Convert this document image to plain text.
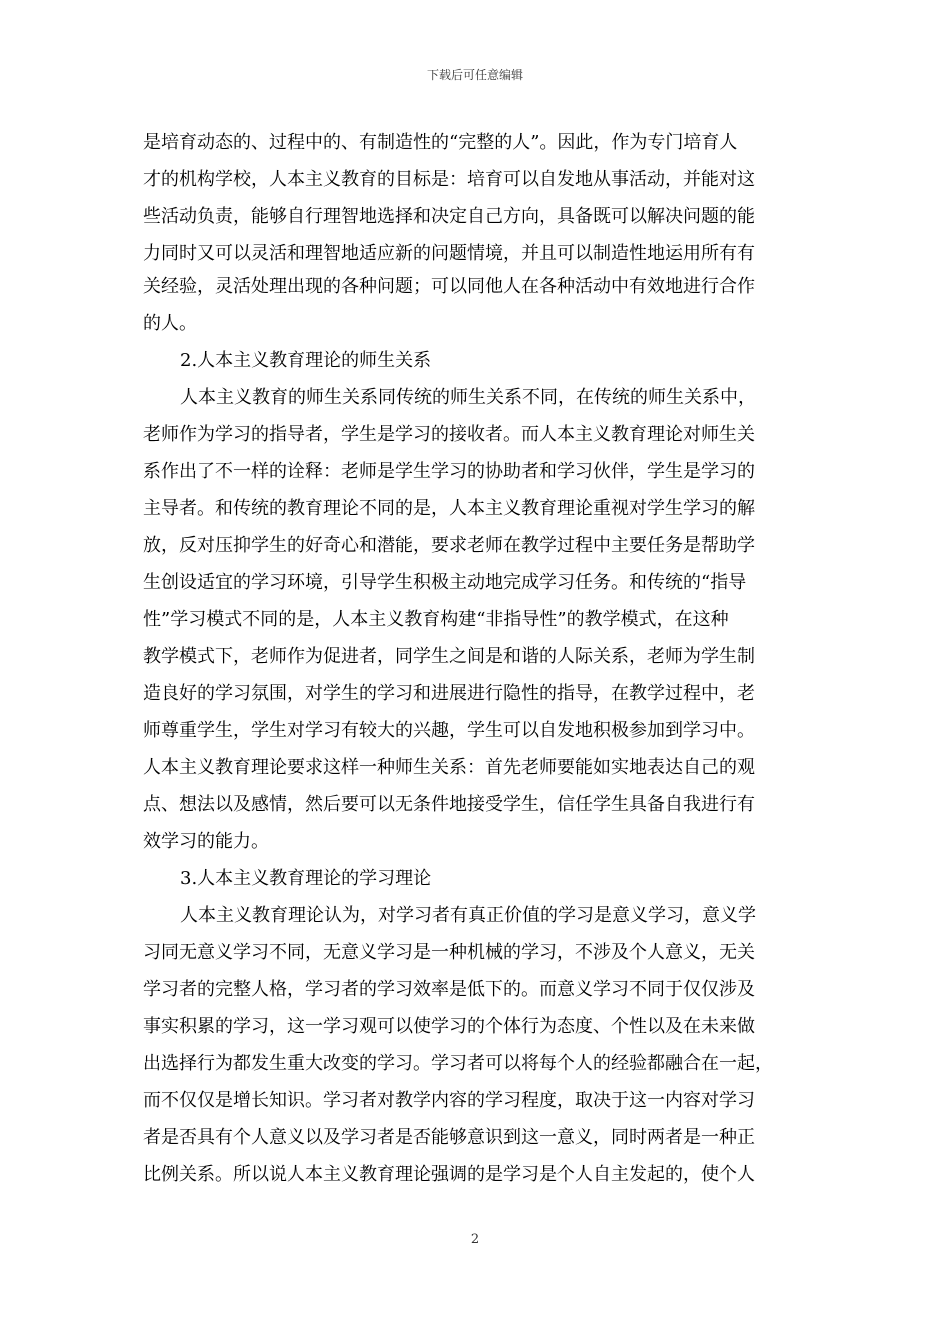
下载后可任意编辑
是培育动态的、过程中的、有制造性的“完整的人”。因此，作为专门培育人
才的机构学校，人本主义教育的目标是：培育可以自发地从事活动，并能对这
些活动负责，能够自行理智地选择和决定自己方向，具备既可以解决问题的能
力同时又可以灵活和理智地适应新的问题情境，并且可以制造性地运用所有有
关经验，灵活处理出现的各种问题；可以同他人在各种活动中有效地进行合作
的人。
2.人本主义教育理论的师生关系
人本主义教育的师生关系同传统的师生关系不同，在传统的师生关系中，
老师作为学习的指导者，学生是学习的接收者。而人本主义教育理论对师生关
系作出了不一样的诠释：老师是学生学习的协助者和学习伙伴，学生是学习的
主导者。和传统的教育理论不同的是，人本主义教育理论重视对学生学习的解
放，反对压抑学生的好奇心和潜能，要求老师在教学过程中主要任务是帮助学
生创设适宜的学习环境，引导学生积极主动地完成学习任务。和传统的“指导
性”学习模式不同的是，人本主义教育构建“非指导性”的教学模式，在这种
教学模式下，老师作为促进者，同学生之间是和谐的人际关系，老师为学生制
造良好的学习氛围，对学生的学习和进展进行隐性的指导，在教学过程中，老
师尊重学生，学生对学习有较大的兴趣，学生可以自发地积极参加到学习中。
人本主义教育理论要求这样一种师生关系：首先老师要能如实地表达自己的观
点、想法以及感情，然后要可以无条件地接受学生，信任学生具备自我进行有
效学习的能力。
3.人本主义教育理论的学习理论
人本主义教育理论认为，对学习者有真正价值的学习是意义学习，意义学
习同无意义学习不同，无意义学习是一种机械的学习，不涉及个人意义，无关
学习者的完整人格，学习者的学习效率是低下的。而意义学习不同于仅仅涉及
事实积累的学习，这一学习观可以使学习的个体行为态度、个性以及在未来做
出选择行为都发生重大改变的学习。学习者可以将每个人的经验都融合在一起，
而不仅仅是增长知识。学习者对教学内容的学习程度，取决于这一内容对学习
者是否具有个人意义以及学习者是否能够意识到这一意义，同时两者是一种正
比例关系。所以说人本主义教育理论强调的是学习是个人自主发起的，使个人
2
